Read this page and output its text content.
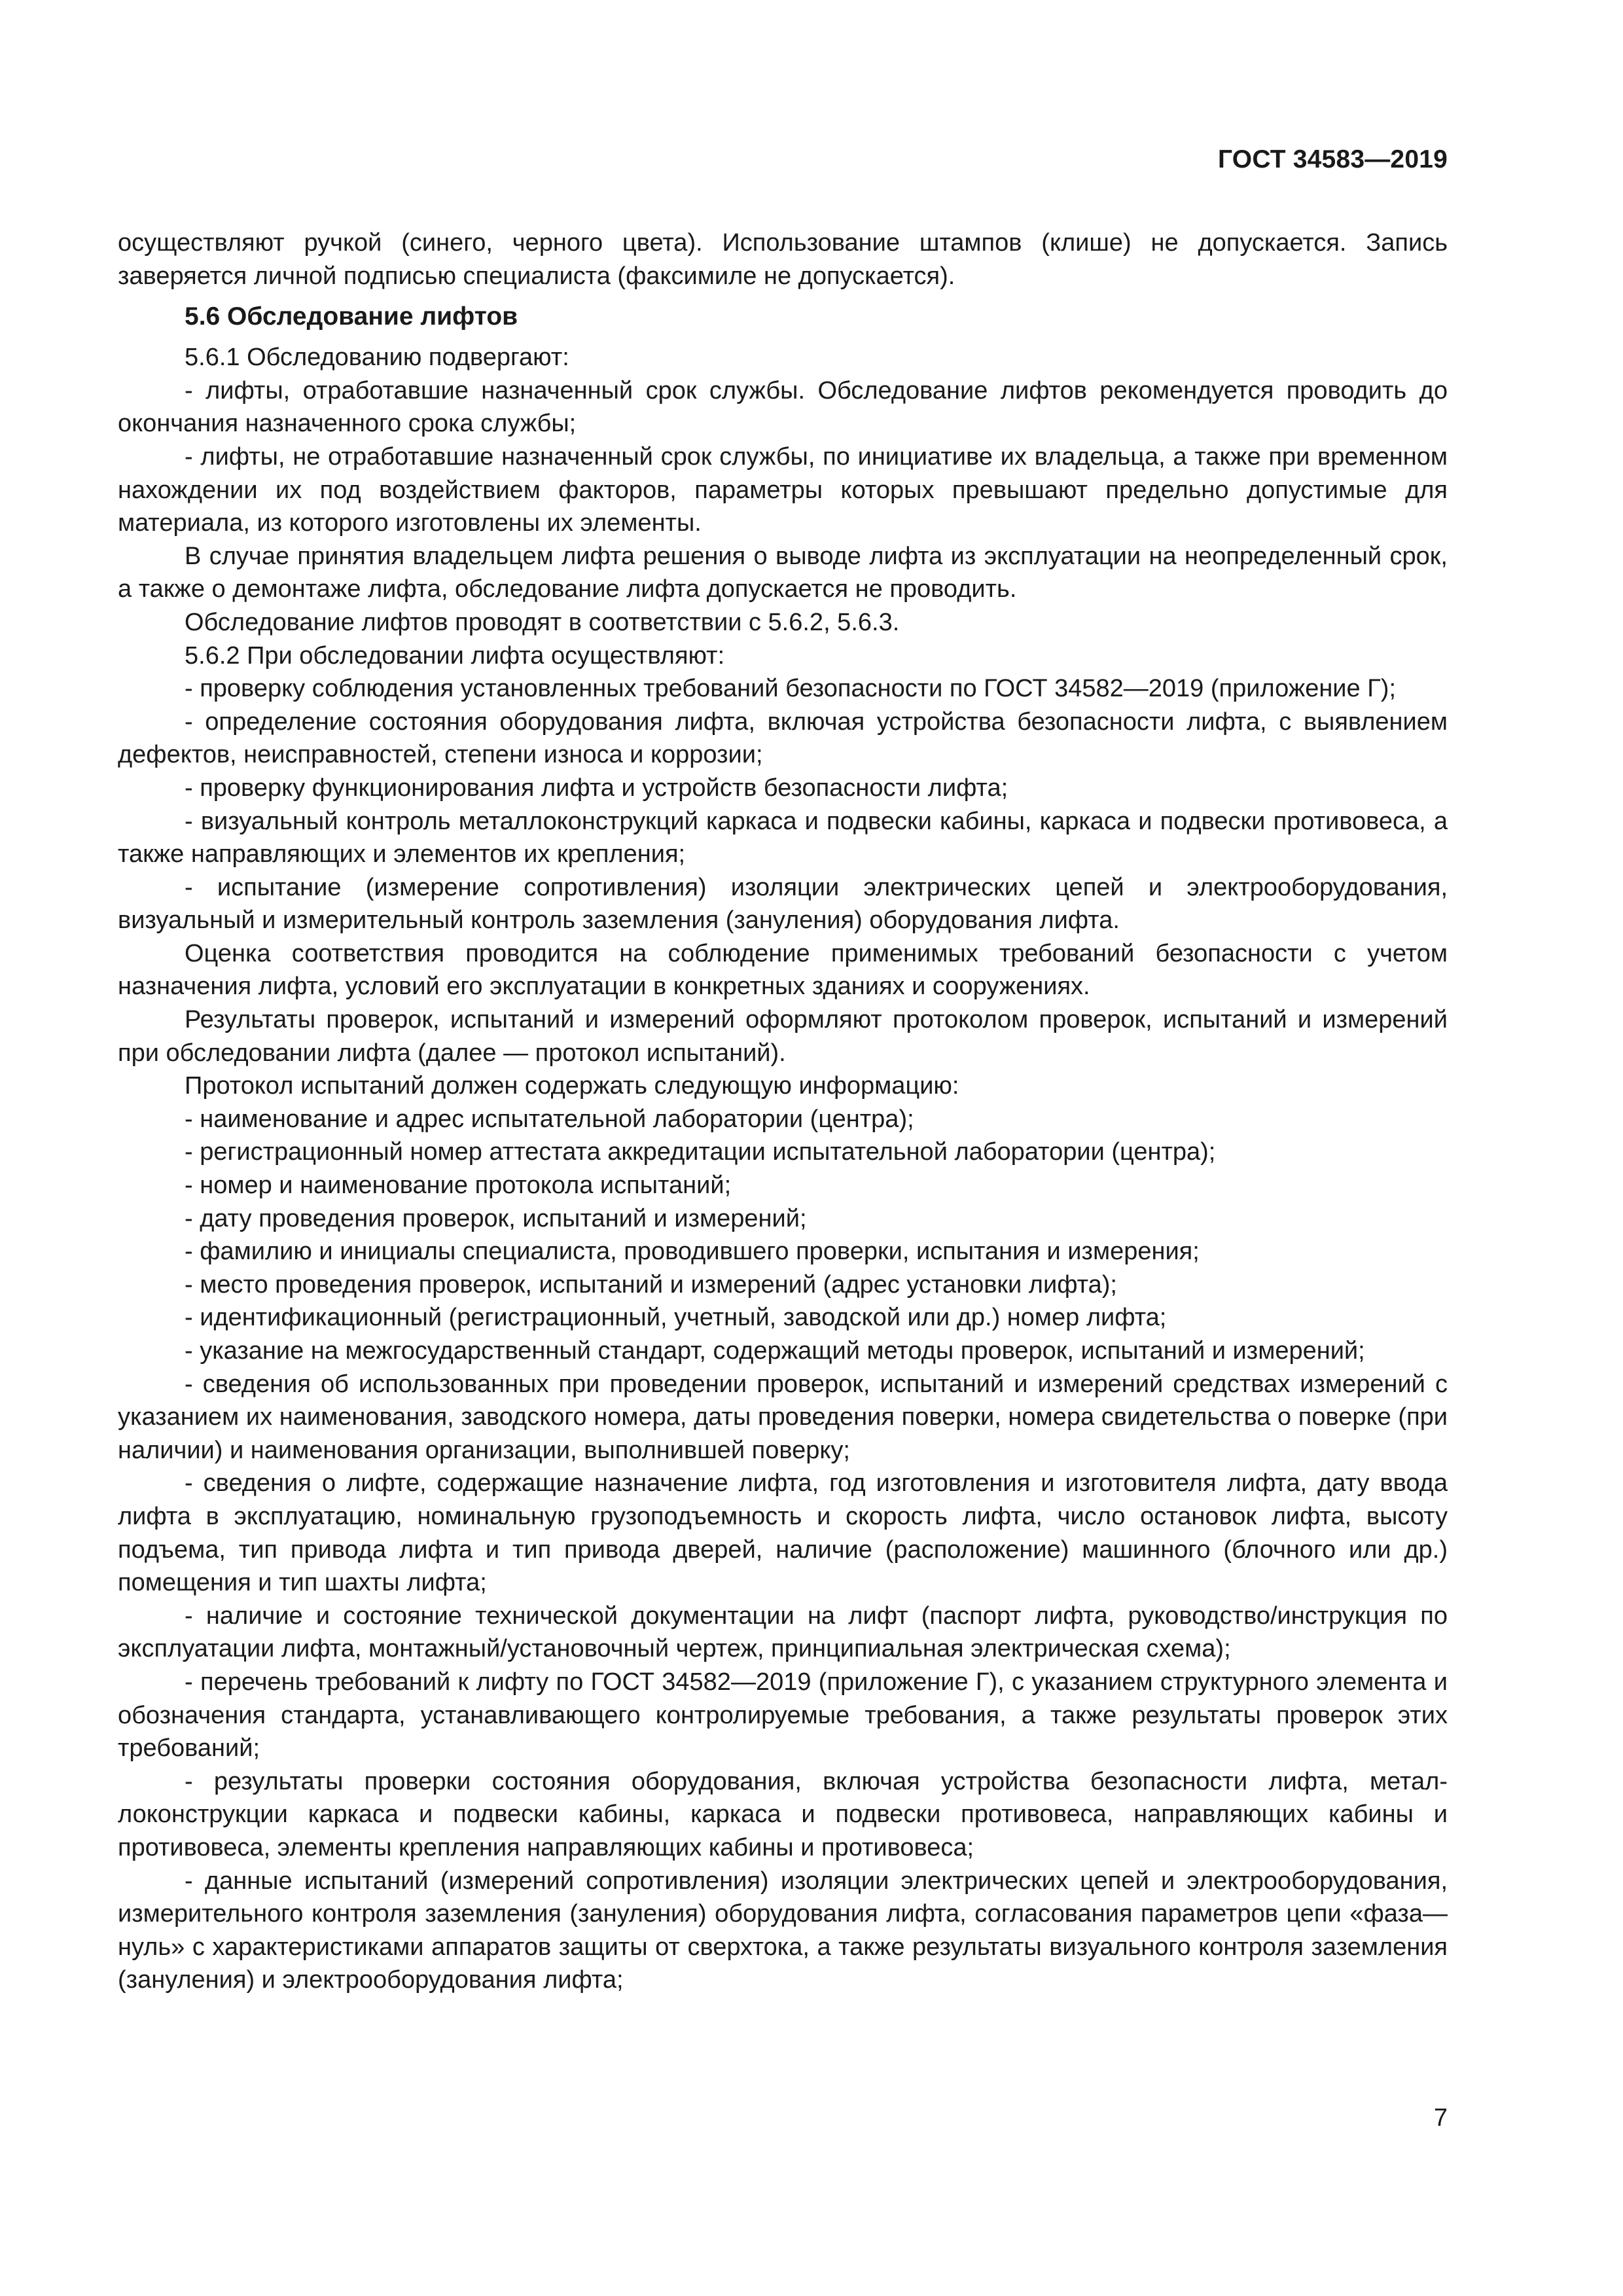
ГОСТ 34583—2019

осуществляют ручкой (синего, черного цвета). Использование штампов (клише) не допускается. Запись заверяется личной подписью специалиста (факсимиле не допускается).

5.6 Обследование лифтов

5.6.1 Обследованию подвергают:

- лифты, отработавшие назначенный срок службы. Обследование лифтов рекомендуется проводить до окончания назначенного срока службы;

- лифты, не отработавшие назначенный срок службы, по инициативе их владельца, а также при временном нахождении их под воздействием факторов, параметры которых превышают предельно допустимые для материала, из которого изготовлены их элементы.

В случае принятия владельцем лифта решения о выводе лифта из эксплуатации на неопределенный срок, а также о демонтаже лифта, обследование лифта допускается не проводить.

Обследование лифтов проводят в соответствии с 5.6.2, 5.6.3.

5.6.2 При обследовании лифта осуществляют:

- проверку соблюдения установленных требований безопасности по ГОСТ 34582—2019 (приложение Г);

- определение состояния оборудования лифта, включая устройства безопасности лифта, с выявлением дефектов, неисправностей, степени износа и коррозии;

- проверку функционирования лифта и устройств безопасности лифта;

- визуальный контроль металлоконструкций каркаса и подвески кабины, каркаса и подвески противовеса, а также направляющих и элементов их крепления;

- испытание (измерение сопротивления) изоляции электрических цепей и электрооборудования, визуальный и измерительный контроль заземления (зануления) оборудования лифта.

Оценка соответствия проводится на соблюдение применимых требований безопасности с учетом назначения лифта, условий его эксплуатации в конкретных зданиях и сооружениях.

Результаты проверок, испытаний и измерений оформляют протоколом проверок, испытаний и измерений при обследовании лифта (далее — протокол испытаний).

Протокол испытаний должен содержать следующую информацию:

- наименование и адрес испытательной лаборатории (центра);

- регистрационный номер аттестата аккредитации испытательной лаборатории (центра);

- номер и наименование протокола испытаний;

- дату проведения проверок, испытаний и измерений;

- фамилию и инициалы специалиста, проводившего проверки, испытания и измерения;

- место проведения проверок, испытаний и измерений (адрес установки лифта);

- идентификационный (регистрационный, учетный, заводской или др.) номер лифта;

- указание на межгосударственный стандарт, содержащий методы проверок, испытаний и измерений;

- сведения об использованных при проведении проверок, испытаний и измерений средствах измерений с указанием их наименования, заводского номера, даты проведения поверки, номера свидетельства о поверке (при наличии) и наименования организации, выполнившей поверку;

- сведения о лифте, содержащие назначение лифта, год изготовления и изготовителя лифта, дату ввода лифта в эксплуатацию, номинальную грузоподъемность и скорость лифта, число остановок лифта, высоту подъема, тип привода лифта и тип привода дверей, наличие (расположение) машинного (блочного или др.) помещения и тип шахты лифта;

- наличие и состояние технической документации на лифт (паспорт лифта, руководство/инструкция по эксплуатации лифта, монтажный/установочный чертеж, принципиальная электрическая схема);

- перечень требований к лифту по ГОСТ 34582—2019 (приложение Г), с указанием структурного элемента и обозначения стандарта, устанавливающего контролируемые требования, а также результаты проверок этих требований;

- результаты проверки состояния оборудования, включая устройства безопасности лифта, металлоконструкции каркаса и подвески кабины, каркаса и подвески противовеса, направляющих кабины и противовеса, элементы крепления направляющих кабины и противовеса;

- данные испытаний (измерений сопротивления) изоляции электрических цепей и электрооборудования, измерительного контроля заземления (зануления) оборудования лифта, согласования параметров цепи «фаза—нуль» с характеристиками аппаратов защиты от сверхтока, а также результаты визуального контроля заземления (зануления) и электрооборудования лифта;

7
